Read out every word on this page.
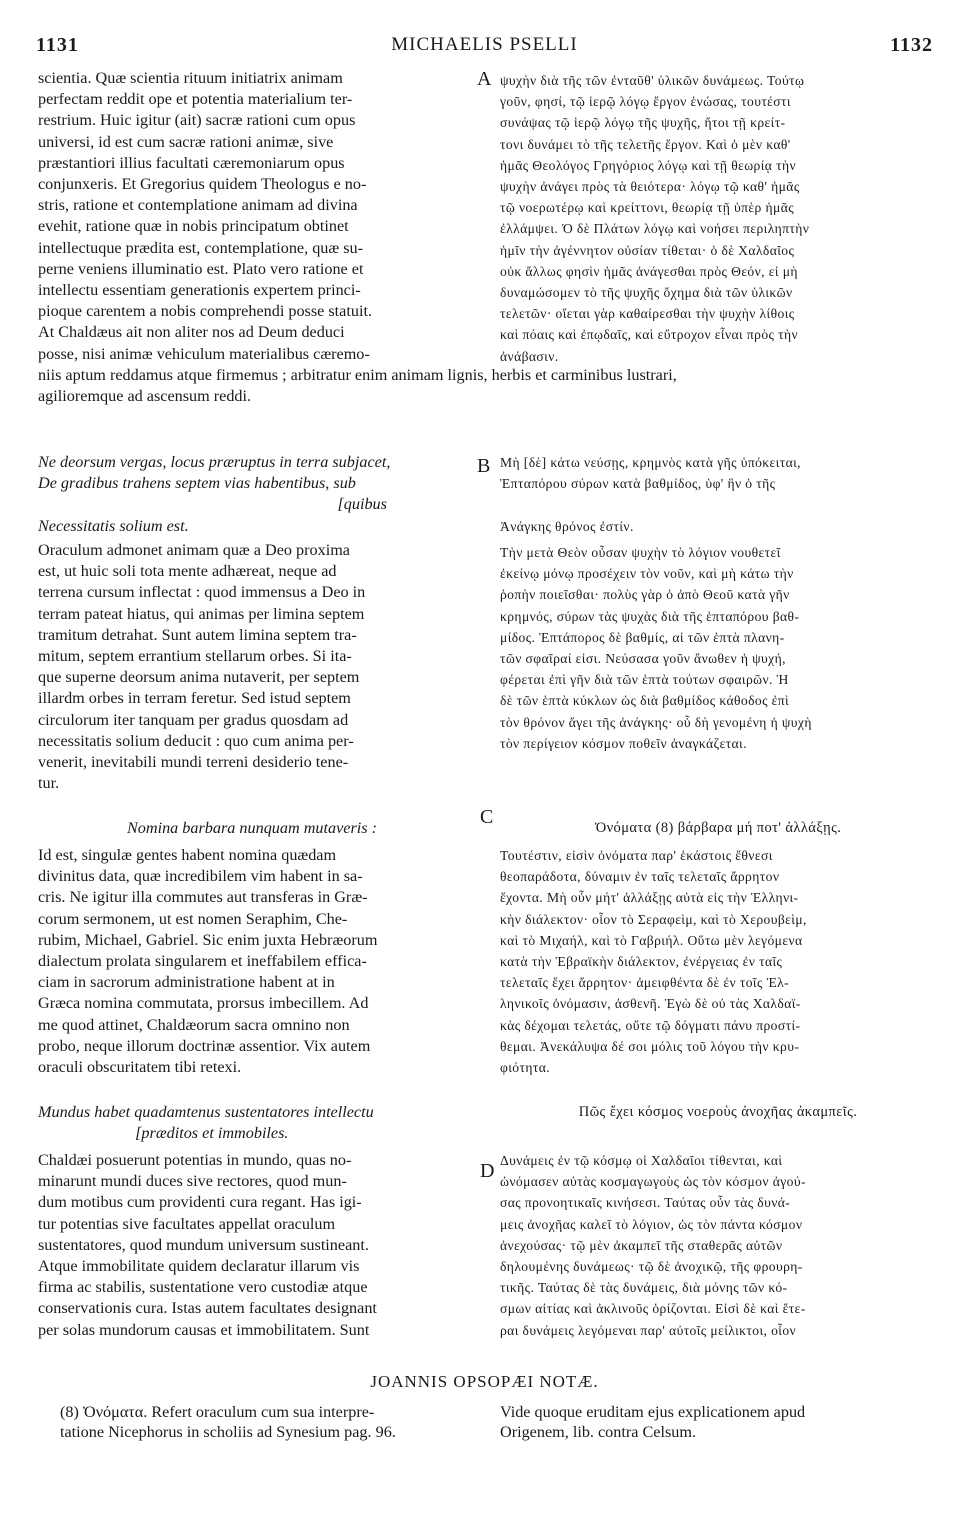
1131	MICHAELIS PSELLI	1132
A

scientia. Quæ scientia rituum initiatrix animam
perfectam reddit ope et potentia materialium ter-
restrium. Huic igitur (ait) sacræ rationi cum opus
universi, id est cum sacræ rationi animæ, sive
præstantiori illius facultati cæremoniarum opus
conjunxeris. Et Gregorius quidem Theologus e no-
stris, ratione et contemplatione animam ad divina
evehit, ratione quæ in nobis principatum obtinet
intellectuque prædita est, contemplatione, quæ su-
perne veniens illuminatio est. Plato vero ratione et
intellectu essentiam generationis expertem princi-
pioque carentem a nobis comprehendi posse statuit.
At Chaldæus ait non aliter nos ad Deum deduci
posse, nisi animæ vehiculum materialibus cæremo-

ψυχὴν διὰ τῆς τῶν ἐνταῦθ' ὑλικῶν δυνάμεως. Τούτῳ
γοῦν, φησί, τῷ ἱερῷ λόγῳ ἔργον ἑνώσας, τουτέστι
συνάψας τῷ ἱερῷ λόγῳ τῆς ψυχῆς, ἤτοι τῇ κρείτ-
τονι δυνάμει τὸ τῆς τελετῆς ἔργον. Καὶ ὁ μὲν καθ'
ἡμᾶς Θεολόγος Γρηγόριος λόγῳ καὶ τῇ θεωρίᾳ τὴν
ψυχὴν ἀνάγει πρὸς τὰ θειότερα· λόγῳ τῷ καθ' ἡμᾶς
τῷ νοερωτέρῳ καὶ κρείττονι, θεωρίᾳ τῇ ὑπὲρ ἡμᾶς
ἐλλάμψει. Ὁ δὲ Πλάτων λόγῳ καὶ νοήσει περιληπτὴν
ἡμῖν τὴν ἀγέννητον οὐσίαν τίθεται· ὁ δὲ Χαλδαῖος
οὐκ ἄλλως φησὶν ἡμᾶς ἀνάγεσθαι πρὸς Θεόν, εἰ μὴ
δυναμώσομεν τὸ τῆς ψυχῆς ὄχημα διὰ τῶν ὑλικῶν
τελετῶν· οἴεται γὰρ καθαίρεσθαι τὴν ψυχὴν λίθοις
καὶ πόαις καὶ ἐπῳδαῖς, καὶ εὔτροχον εἶναι πρὸς τὴν
ἀνάβασιν.

niis aptum reddamus atque firmemus ; arbitratur enim animam lignis, herbis et carminibus lustrari,
agilioremque ad ascensum reddi.

B

Ne deorsum vergas, locus præruptus in terra subjacet,
De gradibus trahens septem vias habentibus, sub
[quibus
Necessitatis solium est.

Μὴ [δὲ] κάτω νεύσῃς, κρημνὸς κατὰ γῆς ὑπόκειται,
Ἑπταπόρου σύρων κατὰ βαθμίδος, ὑφ' ἣν ὁ τῆς

Ἀνάγκης θρόνος ἐστίν.

Oraculum admonet animam quæ a Deo proxima
est, ut huic soli tota mente adhæreat, neque ad
terrena cursum inflectat : quod immensus a Deo in
terram pateat hiatus, qui animas per limina septem
tramitum detrahat. Sunt autem limina septem tra-
mitum, septem errantium stellarum orbes. Si ita-
que superne deorsum anima nutaverit, per septem
illardm orbes in terram feretur. Sed istud septem
circulorum iter tanquam per gradus quosdam ad
necessitatis solium deducit : quo cum anima per-
venerit, inevitabili mundi terreni desiderio tene-
tur.

Τὴν μετὰ Θεὸν οὖσαν ψυχὴν τὸ λόγιον νουθετεῖ
ἐκείνῳ μόνῳ προσέχειν τὸν νοῦν, καὶ μὴ κάτω τὴν
ῥοπὴν ποιεῖσθαι· πολὺς γὰρ ὁ ἀπὸ Θεοῦ κατὰ γῆν
κρημνός, σύρων τὰς ψυχὰς διὰ τῆς ἑπταπόρου βαθ-
μίδος. Ἑπτάπορος δὲ βαθμίς, αἱ τῶν ἑπτὰ πλανη-
τῶν σφαῖραί εἰσι. Νεύσασα γοῦν ἄνωθεν ἡ ψυχή,
φέρεται ἐπὶ γῆν διὰ τῶν ἑπτὰ τούτων σφαιρῶν. Ἡ
δὲ τῶν ἑπτὰ κύκλων ὡς διὰ βαθμίδος κάθοδος ἐπὶ
τὸν θρόνον ἄγει τῆς ἀνάγκης· οὗ δὴ γενομένη ἡ ψυχὴ
τὸν περίγειον κόσμον ποθεῖν ἀναγκάζεται.

C

Nomina barbara nunquam mutaveris :	Ὀνόματα (8) βάρβαρα μή ποτ' ἀλλάξῃς.

Id est, singulæ gentes habent nomina quædam
divinitus data, quæ incredibilem vim habent in sa-
cris. Ne igitur illa commutes aut transferas in Græ-
corum sermonem, ut est nomen Seraphim, Che-
rubim, Michael, Gabriel. Sic enim juxta Hebræorum
dialectum prolata singularem et ineffabilem effica-
ciam in sacrorum administratione habent at in
Græca nomina commutata, prorsus imbecillem. Ad
me quod attinet, Chaldæorum sacra omnino non
probo, neque illorum doctrinæ assentior. Vix autem
oraculi obscuritatem tibi retexi.

Τουτέστιν, εἰσὶν ὀνόματα παρ' ἑκάστοις ἔθνεσι
θεοπαράδοτα, δύναμιν ἐν ταῖς τελεταῖς ἄρρητον
ἔχοντα. Μὴ οὖν μήτ' ἀλλάξῃς αὐτὰ εἰς τὴν Ἑλληνι-
κὴν διάλεκτον· οἷον τὸ Σεραφεὶμ, καὶ τὸ Χερουβεὶμ,
καὶ τὸ Μιχαήλ, καὶ τὸ Γαβριήλ. Οὕτω μὲν λεγόμενα
κατὰ τὴν Ἑβραϊκὴν διάλεκτον, ἐνέργειας ἐν ταῖς
τελεταῖς ἔχει ἄρρητον· ἀμειφθέντα δὲ ἐν τοῖς Ἑλ-
ληνικοῖς ὀνόμασιν, ἀσθενῆ. Ἐγὼ δὲ οὐ τὰς Χαλδαϊ-
κὰς δέχομαι τελετάς, οὔτε τῷ δόγματι πάνυ προστί-
θεμαι. Ἀνεκάλυψα δέ σοι μόλις τοῦ λόγου τὴν κρυ-
φιότητα.

Mundus habet quadamtenus sustentatores intellectu
[præditos et immobiles.

Πῶς ἔχει κόσμος νοεροὺς ἀνοχῆας ἀκαμπεῖς.

D

Chaldæi posuerunt potentias in mundo, quas no-
minarunt mundi duces sive rectores, quod mun-
dum motibus cum providenti cura regant. Has igi-
tur potentias sive facultates appellat oraculum
sustentatores, quod mundum universum sustineant.
Atque immobilitate quidem declaratur illarum vis
firma ac stabilis, sustentatione vero custodiæ atque
conservationis cura. Istas autem facultates designant
per solas mundorum causas et immobilitatem. Sunt

Δυνάμεις ἐν τῷ κόσμῳ οἱ Χαλδαῖοι τίθενται, καὶ
ὠνόμασεν αὐτὰς κοσμαγωγοὺς ὡς τὸν κόσμον ἀγού-
σας προνοητικαῖς κινήσεσι. Ταύτας οὖν τὰς δυνά-
μεις ἀνοχῆας καλεῖ τὸ λόγιον, ὡς τὸν πάντα κόσμον
ἀνεχούσας· τῷ μὲν ἀκαμπεῖ τῆς σταθερᾶς αὐτῶν
δηλουμένης δυνάμεως· τῷ δὲ ἀνοχικῷ, τῆς φρουρη-
τικῆς. Ταύτας δὲ τὰς δυνάμεις, διὰ μόνης τῶν κό-
σμων αἰτίας καὶ ἀκλινοῦς ὁρίζονται. Εἰσὶ δὲ καὶ ἕτε-
ραι δυνάμεις λεγόμεναι παρ' αὐτοῖς μείλικτοι, οἷον

JOANNIS OPSOPÆI NOTÆ.

(8) Ὀνόματα. Refert oraculum cum sua interpre-
tatione Nicephorus in scholiis ad Synesium pag. 96.

Vide quoque eruditam ejus explicationem apud
Origenem, lib. contra Celsum.
